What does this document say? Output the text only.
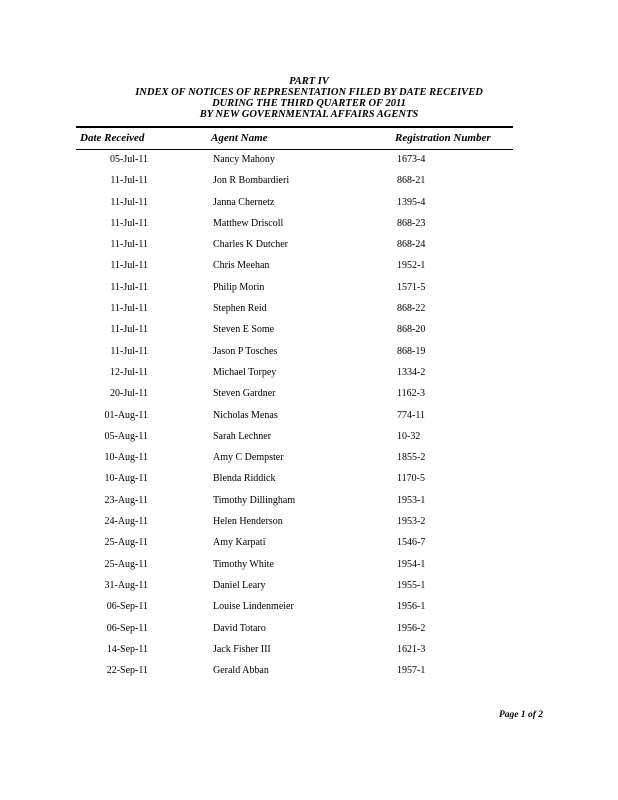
PART IV
INDEX OF NOTICES OF REPRESENTATION FILED BY DATE RECEIVED
DURING THE THIRD QUARTER OF 2011
BY NEW GOVERNMENTAL AFFAIRS AGENTS
Date Received	Agent Name	Registration Number
05-Jul-11	Nancy Mahony	1673-4
11-Jul-11	Jon R Bombardieri	868-21
11-Jul-11	Janna Chernetz	1395-4
11-Jul-11	Matthew Driscoll	868-23
11-Jul-11	Charles K Dutcher	868-24
11-Jul-11	Chris Meehan	1952-1
11-Jul-11	Philip Morin	1571-5
11-Jul-11	Stephen Reid	868-22
11-Jul-11	Steven E Some	868-20
11-Jul-11	Jason P Tosches	868-19
12-Jul-11	Michael Torpey	1334-2
20-Jul-11	Steven Gardner	1162-3
01-Aug-11	Nicholas Menas	774-11
05-Aug-11	Sarah Lechner	10-32
10-Aug-11	Amy C Dempster	1855-2
10-Aug-11	Blenda Riddick	1170-5
23-Aug-11	Timothy Dillingham	1953-1
24-Aug-11	Helen Henderson	1953-2
25-Aug-11	Amy Karpati	1546-7
25-Aug-11	Timothy White	1954-1
31-Aug-11	Daniel Leary	1955-1
06-Sep-11	Louise Lindenmeier	1956-1
06-Sep-11	David Totaro	1956-2
14-Sep-11	Jack Fisher III	1621-3
22-Sep-11	Gerald Abban	1957-1
Page 1 of 2
